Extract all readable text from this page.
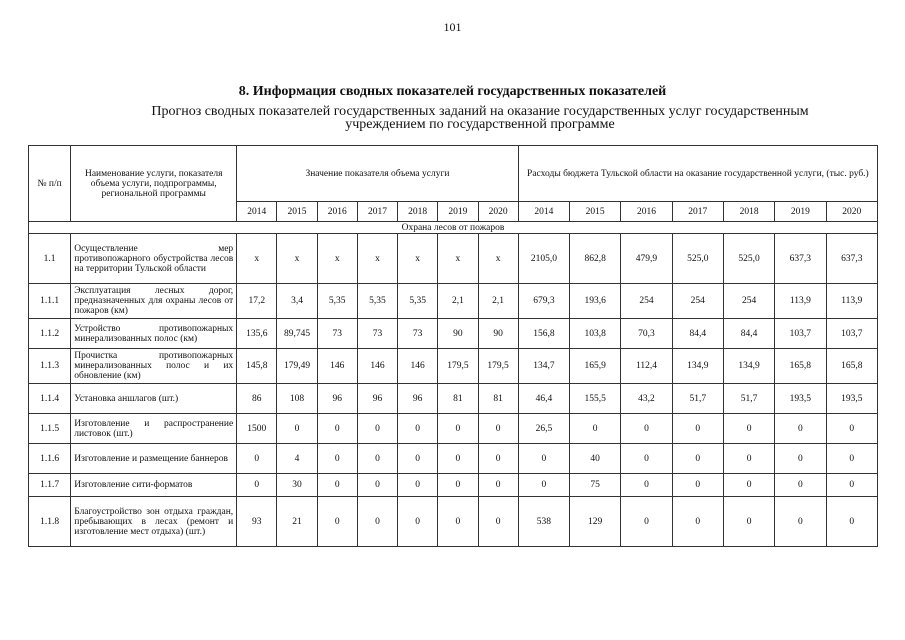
101
8. Информация сводных показателей государственных показателей
Прогноз сводных показателей государственных заданий на оказание государственных услуг государственным учреждением по государственной программе
№ п/п	Наименование услуги, показателя объема услуги, подпрограммы, региональной программы	Значение показателя объема услуги							Расходы бюджета Тульской области на оказание государственной услуги, (тыс. руб.)						
		2014	2015	2016	2017	2018	2019	2020	2014	2015	2016	2017	2018	2019	2020
Охрана лесов от пожаров															
1.1	Осуществление мер противопожарного обустройства лесов на территории Тульской области	x	x	x	x	x	x	x	2105,0	862,8	479,9	525,0	525,0	637,3	637,3
1.1.1	Эксплуатация лесных дорог, предназначенных для охраны лесов от пожаров (км)	17,2	3,4	5,35	5,35	5,35	2,1	2,1	679,3	193,6	254	254	254	113,9	113,9
1.1.2	Устройство противопожарных минерализованных полос (км)	135,6	89,745	73	73	73	90	90	156,8	103,8	70,3	84,4	84,4	103,7	103,7
1.1.3	Прочистка противопожарных минерализованных полос и их обновление (км)	145,8	179,49	146	146	146	179,5	179,5	134,7	165,9	112,4	134,9	134,9	165,8	165,8
1.1.4	Установка аншлагов (шт.)	86	108	96	96	96	81	81	46,4	155,5	43,2	51,7	51,7	193,5	193,5
1.1.5	Изготовление и распространение листовок (шт.)	1500	0	0	0	0	0	0	26,5	0	0	0	0	0	0
1.1.6	Изготовление и размещение баннеров	0	4	0	0	0	0	0	0	40	0	0	0	0	0
1.1.7	Изготовление сити-форматов	0	30	0	0	0	0	0	0	75	0	0	0	0	0
1.1.8	Благоустройство зон отдыха граждан, пребывающих в лесах (ремонт и изготовление мест отдыха) (шт.)	93	21	0	0	0	0	0	538	129	0	0	0	0	0
